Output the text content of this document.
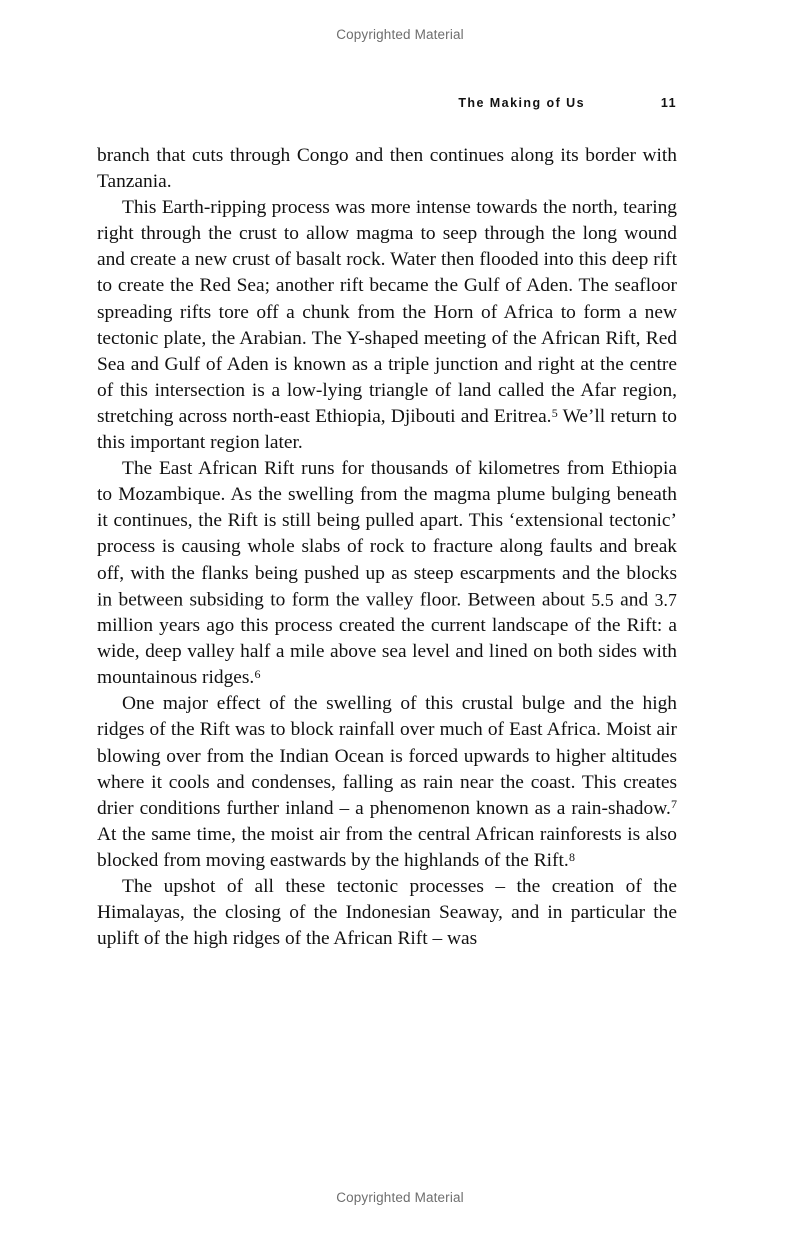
Copyrighted Material
The Making of Us	11

branch that cuts through Congo and then continues along its border with Tanzania.

This Earth-ripping process was more intense towards the north, tearing right through the crust to allow magma to seep through the long wound and create a new crust of basalt rock. Water then flooded into this deep rift to create the Red Sea; another rift became the Gulf of Aden. The seafloor spreading rifts tore off a chunk from the Horn of Africa to form a new tectonic plate, the Arabian. The Y-shaped meeting of the African Rift, Red Sea and Gulf of Aden is known as a triple junction and right at the centre of this intersection is a low-lying triangle of land called the Afar region, stretching across north-east Ethiopia, Djibouti and Eritrea.$^5$ We’ll return to this important region later.

The East African Rift runs for thousands of kilometres from Ethiopia to Mozambique. As the swelling from the magma plume bulging beneath it continues, the Rift is still being pulled apart. This ‘extensional tectonic’ process is causing whole slabs of rock to fracture along faults and break off, with the flanks being pushed up as steep escarpments and the blocks in between subsiding to form the valley floor. Between about 5.5 and 3.7 million years ago this process created the current landscape of the Rift: a wide, deep valley half a mile above sea level and lined on both sides with mountainous ridges.$^6$

One major effect of the swelling of this crustal bulge and the high ridges of the Rift was to block rainfall over much of East Africa. Moist air blowing over from the Indian Ocean is forced upwards to higher altitudes where it cools and condenses, falling as rain near the coast. This creates drier conditions further inland – a phenomenon known as a rain-shadow.$^7$ At the same time, the moist air from the central African rainforests is also blocked from moving eastwards by the highlands of the Rift.$^8$

The upshot of all these tectonic processes – the creation of the Himalayas, the closing of the Indonesian Seaway, and in particular the uplift of the high ridges of the African Rift – was

Copyrighted Material
